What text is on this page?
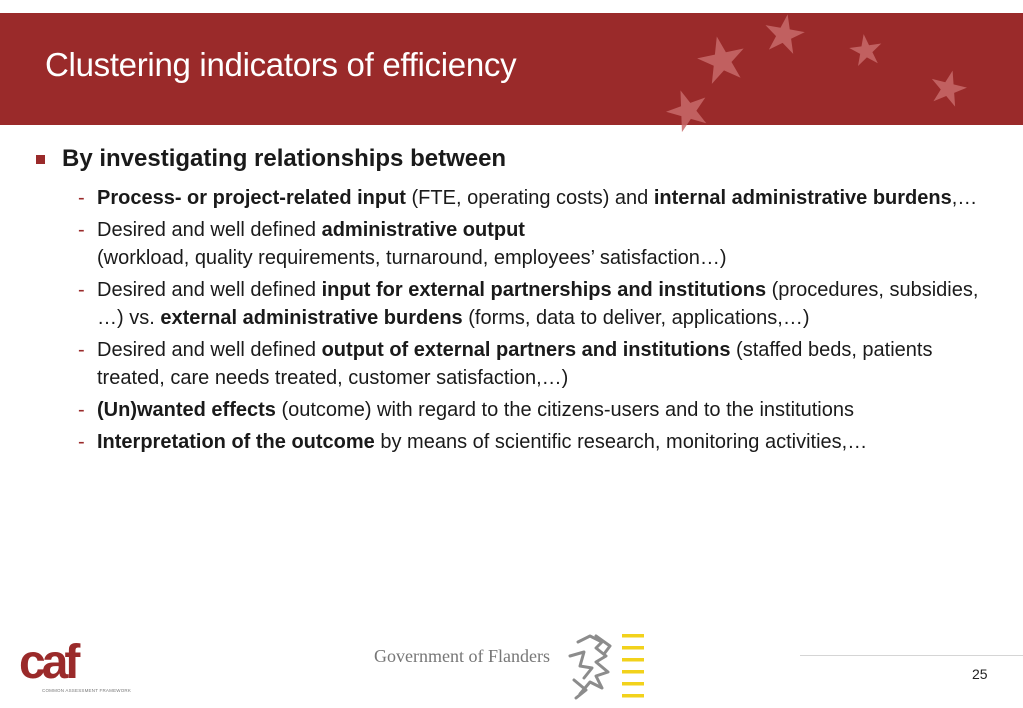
Clustering indicators of efficiency
By investigating relationships between
- Process- or project-related input (FTE, operating costs) and internal administrative burdens,…
- Desired and well defined administrative output
(workload, quality requirements, turnaround, employees’ satisfaction…)
- Desired and well defined input for external partnerships and institutions (procedures, subsidies, …) vs. external administrative burdens (forms, data to deliver, applications,…)
- Desired and well defined output of external partners and institutions (staffed beds, patients treated, care needs treated, customer satisfaction,…)
- (Un)wanted effects (outcome) with regard to the citizens-users and to the institutions
- Interpretation of the outcome by means of scientific research, monitoring activities,…
caf
COMMON ASSESSMENT FRAMEWORK
Government of Flanders
25
